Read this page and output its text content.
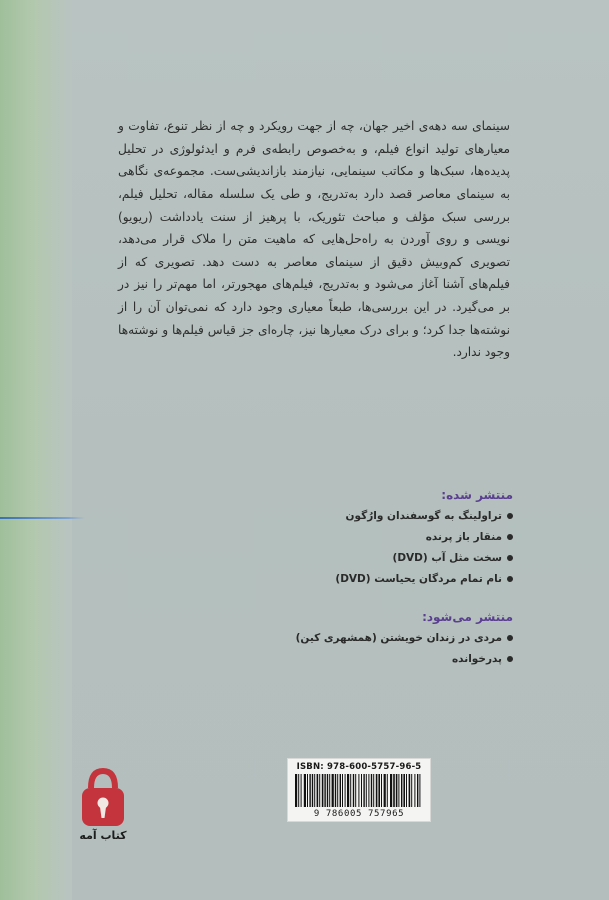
سینمای سه دهه‌ی اخیر جهان، چه از جهت رویکرد و چه از نظر تنوع، تفاوت و معیارهای تولید انواع فیلم، و به‌خصوص رابطه‌ی فرم و ایدئولوژی در تحلیل پدیده‌ها، سبک‌ها و مکاتب سینمایی، نیازمند بازاندیشی‌ست. مجموعه‌ی نگاهی به سینمای معاصر قصد دارد به‌تدریج، و طی یک سلسله مقاله، تحلیل فیلم، بررسی سبک مؤلف و مباحث تئوریک، با پرهیز از سنت یادداشت (ریویو) نویسی و روی آوردن به راه‌حل‌هایی که ماهیت متن را ملاک قرار می‌دهد، تصویری کم‌وبیش دقیق از سینمای معاصر به دست دهد. تصویری که از فیلم‌های آشنا آغاز می‌شود و به‌تدریج، فیلم‌های مهجورتر، اما مهم‌تر را نیز در بر می‌گیرد. در این بررسی‌ها، طبعاً معیاری وجود دارد که نمی‌توان آن را از نوشته‌ها جدا کرد؛ و برای درک معیارها نیز، چاره‌ای جز قیاس فیلم‌ها و نوشته‌ها وجود ندارد.

منتشر شده:
تراولینگ به گوسفندان وارُگون
منقار باز پرنده
سخت مثل آب (DVD)
نام تمام مردگان یحیاست (DVD)
منتشر می‌شود:
مردی در زندان خویشتن (همشهری کین)
پدرخوانده
ISBN: 978-600-5757-96-5
9 786005 757965
کتاب آمه
